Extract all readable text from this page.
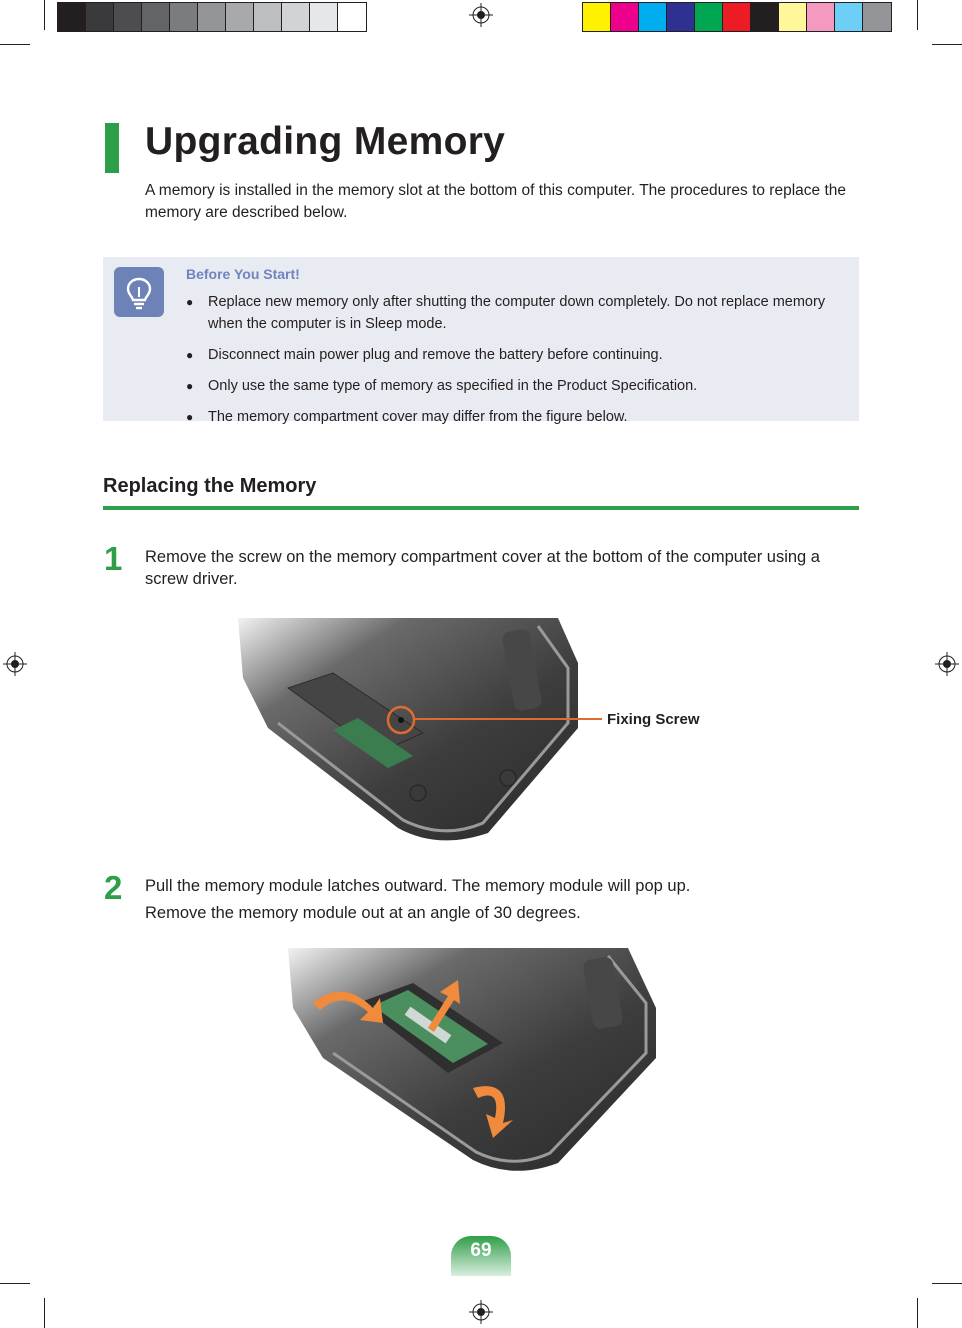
Upgrading Memory
A memory is installed in the memory slot at the bottom of this computer. The procedures to replace the memory are described below.
Before You Start!
● Replace new memory only after shutting the computer down completely. Do not replace memory when the computer is in Sleep mode.
● Disconnect main power plug and remove the battery before continuing.
● Only use the same type of memory as specified in the Product Specification.
● The memory compartment cover may differ from the figure below.
Replacing the Memory
1 Remove the screw on the memory compartment cover at the bottom of the computer using a screw driver.
Fixing Screw
2 Pull the memory module latches outward. The memory module will pop up.
Remove the memory module out at an angle of 30 degrees.
69
